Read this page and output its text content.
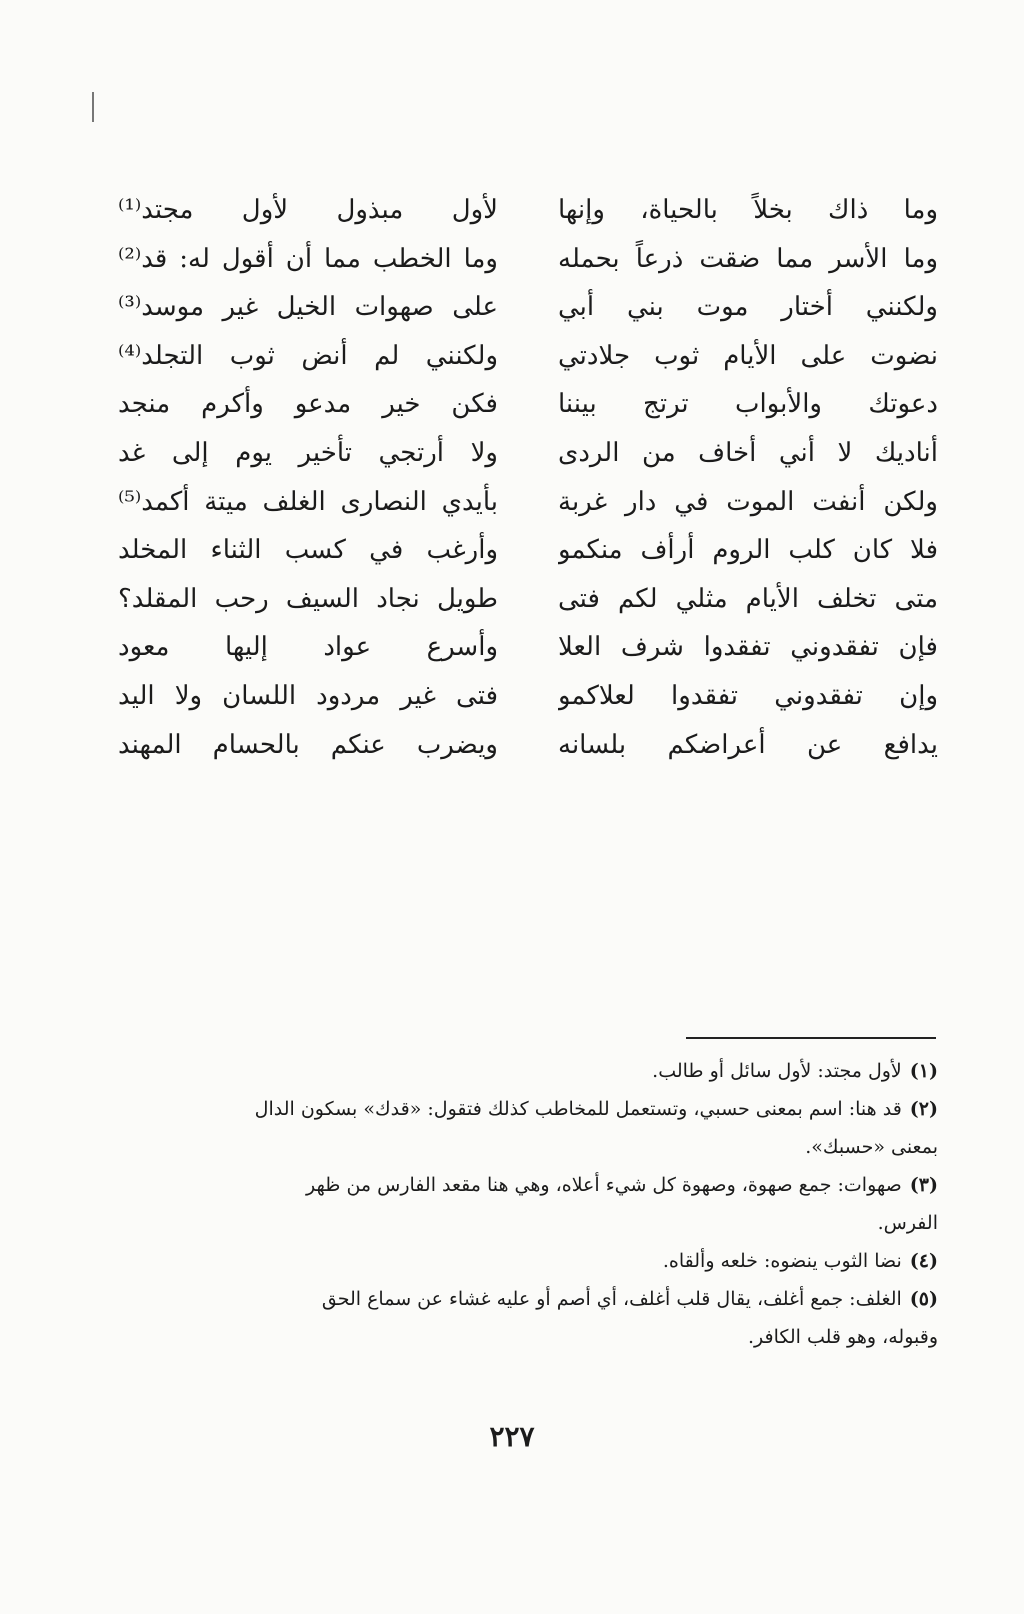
وما ذاك بخلاً بالحياة، وإنها
وما الأسر مما ضقت ذرعاً بحمله
ولكنني أختار موت بني أبي
نضوت على الأيام ثوب جلادتي
دعوتك والأبواب ترتج بيننا
أناديك لا أني أخاف من الردى
ولكن أنفت الموت في دار غربة
فلا كان كلب الروم أرأف منكمو
متى تخلف الأيام مثلي لكم فتى
فإن تفقدوني تفقدوا شرف العلا
وإن تفقدوني تفقدوا لعلاكمو
يدافع عن أعراضكم بلسانه
لأول مبذول لأول مجتد⁽¹⁾
وما الخطب مما أن أقول له: قد⁽²⁾
على صهوات الخيل غير موسد⁽³⁾
ولكنني لم أنض ثوب التجلد⁽⁴⁾
فكن خير مدعو وأكرم منجد
ولا أرتجي تأخير يوم إلى غد
بأيدي النصارى الغلف ميتة أكمد⁽⁵⁾
وأرغب في كسب الثناء المخلد
طويل نجاد السيف رحب المقلد؟
وأسرع عواد إليها معود
فتى غير مردود اللسان ولا اليد
ويضرب عنكم بالحسام المهند
(١)لأول مجتد: لأول سائل أو طالب.
(٢)قد هنا: اسم بمعنى حسبي، وتستعمل للمخاطب كذلك فتقول: «قدك» بسكون الدال
بمعنى «حسبك».
(٣)صهوات: جمع صهوة، وصهوة كل شيء أعلاه، وهي هنا مقعد الفارس من ظهر
الفرس.
(٤)نضا الثوب ينضوه: خلعه وألقاه.
(٥)الغلف: جمع أغلف، يقال قلب أغلف، أي أصم أو عليه غشاء عن سماع الحق
وقبوله، وهو قلب الكافر.
٢٢٧
